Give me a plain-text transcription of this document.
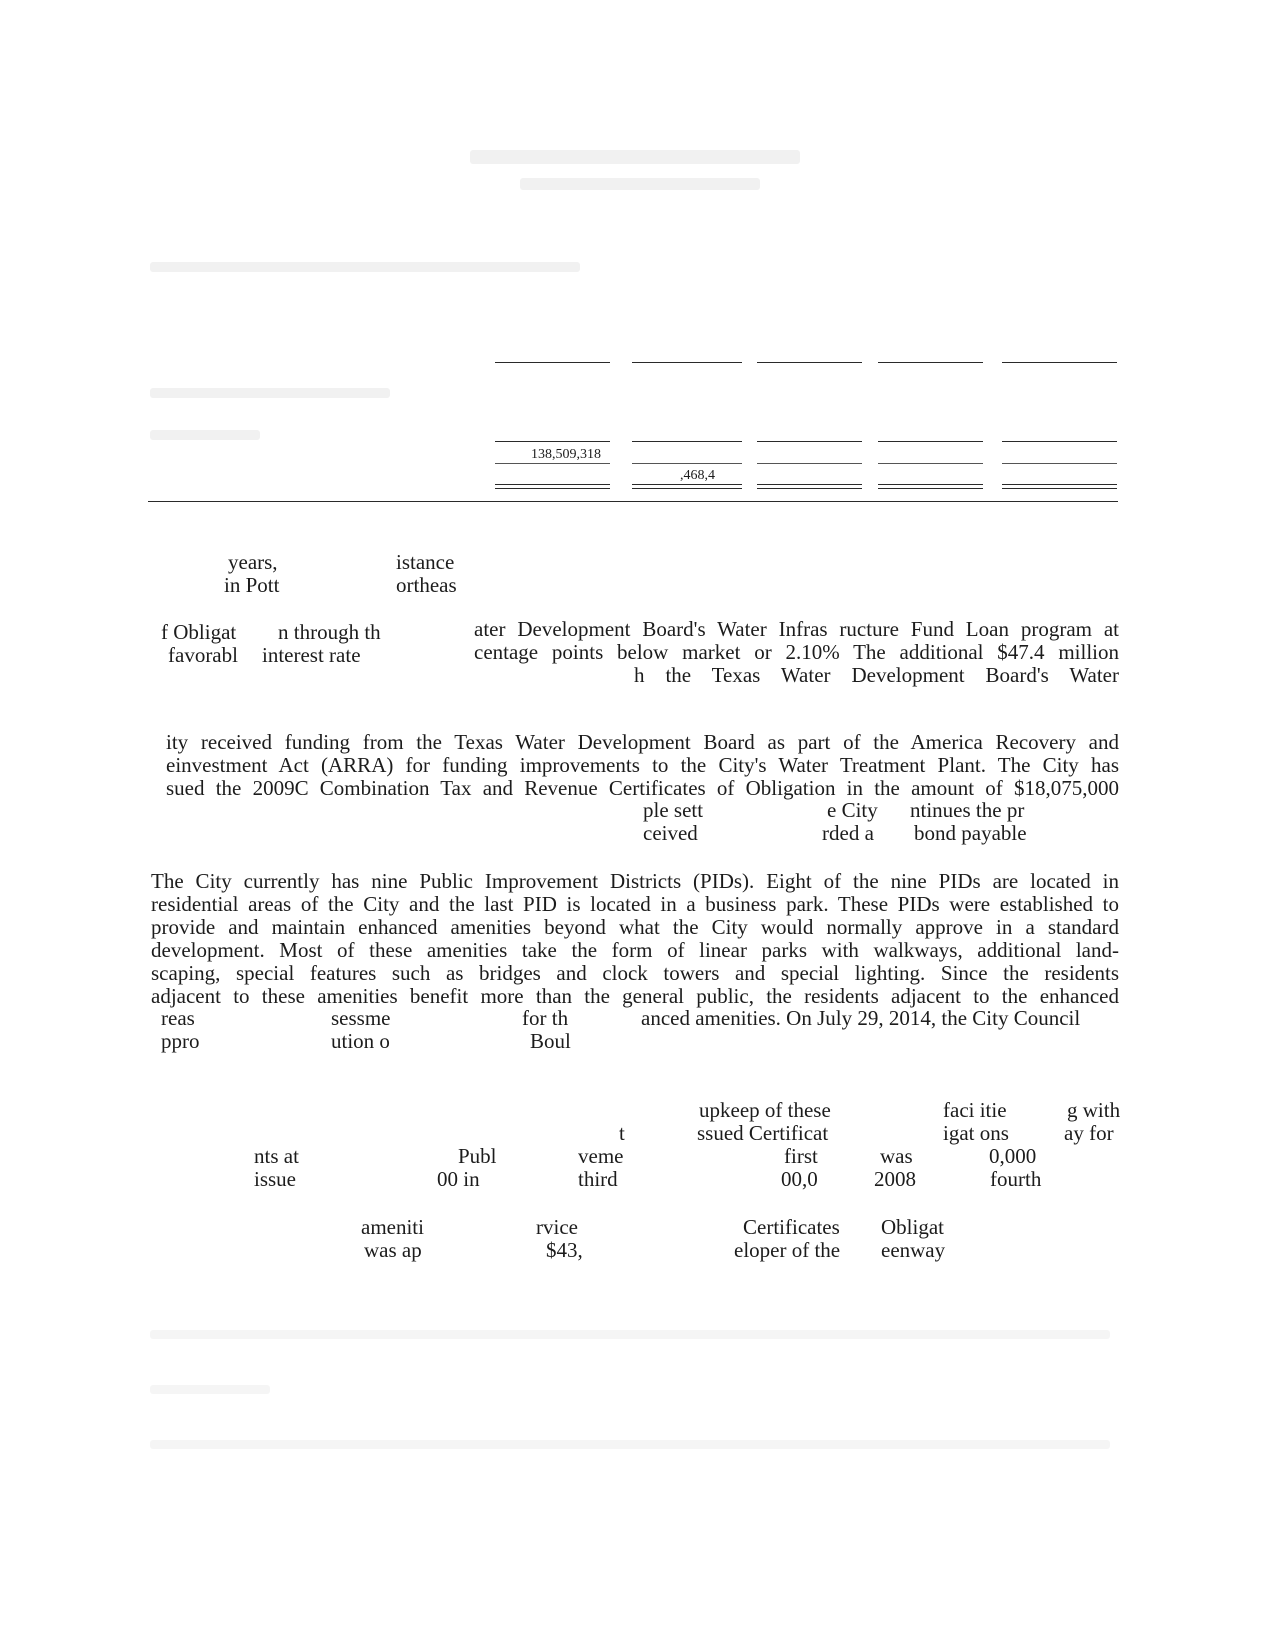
138,509,318
,468,4
years,	istance
in Pott	ortheas
f Obligat n through th
favorabl interest rate
ater Development Board's Water Infras ructure Fund Loan program at
centage points below market or 2.10% The additional $47.4 million
h the Texas Water Development Board's Water
ity received funding from the Texas Water Development Board as part of the America Recovery and
einvestment Act (ARRA) for funding improvements to the City's Water Treatment Plant. The City has
sued the 2009C Combination Tax and Revenue Certificates of Obligation in the amount of $18,075,000
ple sett	e City ntinues the pr
ceived	rded a bond payable
The City currently has nine Public Improvement Districts (PIDs). Eight of the nine PIDs are located in
residential areas of the City and the last PID is located in a business park. These PIDs were established to
provide and maintain enhanced amenities beyond what the City would normally approve in a standard
development. Most of these amenities take the form of linear parks with walkways, additional land-
scaping, special features such as bridges and clock towers and special lighting. Since the residents
adjacent to these amenities benefit more than the general public, the residents adjacent to the enhanced
reas	sessme	for th	anced amenities. On July 29, 2014, the City Council
ppro	ution o	Boul
upkeep of these	faci itie	g with
t	ssued Certificat	igat ons	ay for
nts at	Publ	veme	first	was	0,000
issue	00 in	third	00,0	2008	fourth
ameniti	rvice	Certificates Obligat
was ap	$43,	eloper of the eenway
